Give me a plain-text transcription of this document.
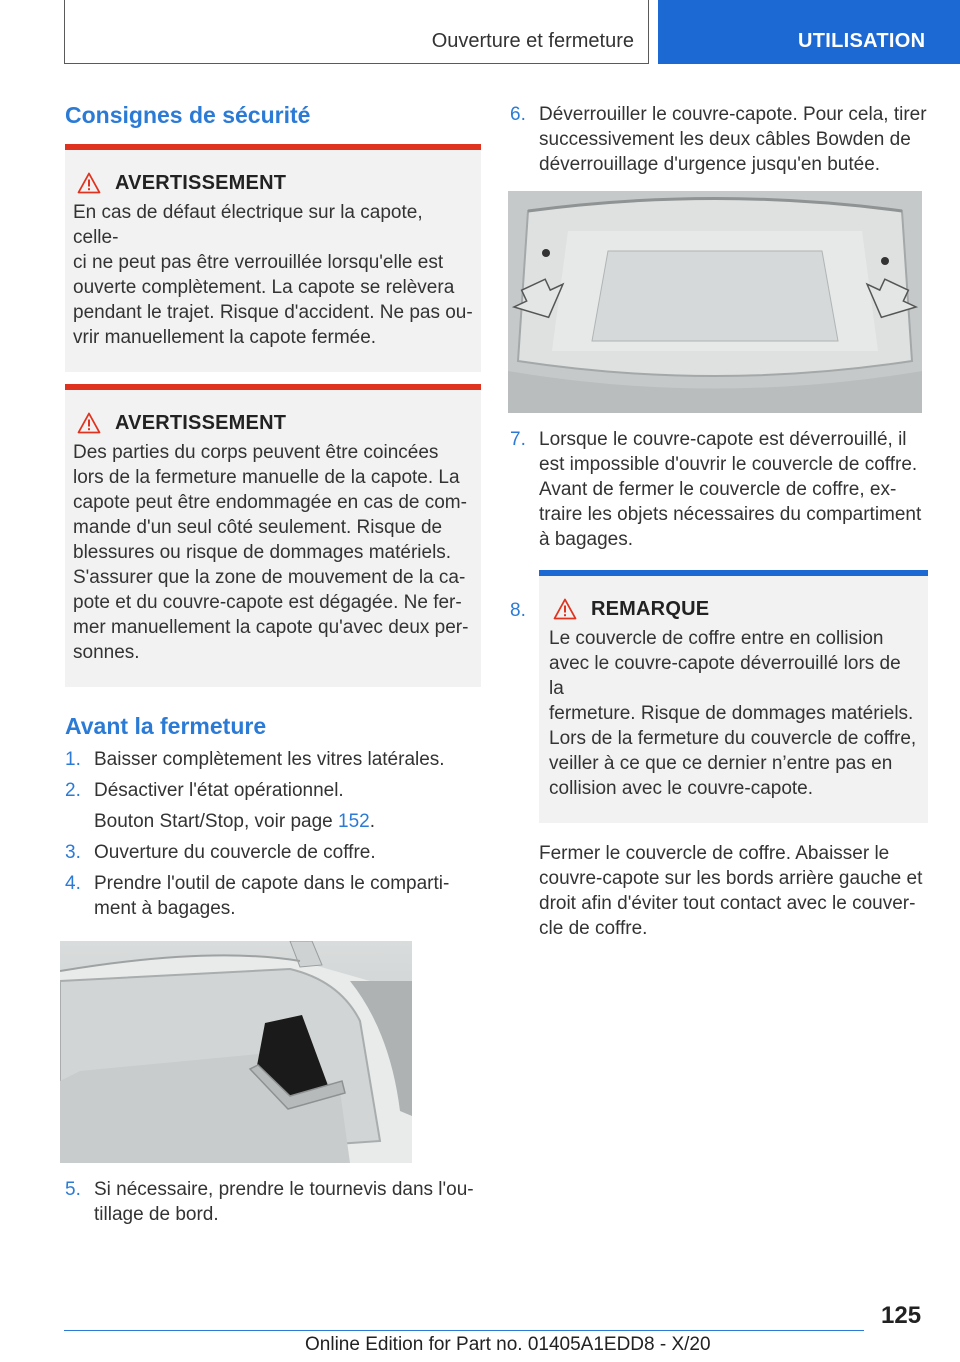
Ouverture et fermeture	UTILISATION
Consignes de sécurité
AVERTISSEMENT
En cas de défaut électrique sur la capote, celle-
ci ne peut pas être verrouillée lorsqu'elle est
ouverte complètement. La capote se relèvera
pendant le trajet. Risque d'accident. Ne pas ou-
vrir manuellement la capote fermée.
AVERTISSEMENT
Des parties du corps peuvent être coincées
lors de la fermeture manuelle de la capote. La
capote peut être endommagée en cas de com-
mande d'un seul côté seulement. Risque de
blessures ou risque de dommages matériels.
S'assurer que la zone de mouvement de la ca-
pote et du couvre-capote est dégagée. Ne fer-
mer manuellement la capote qu'avec deux per-
sonnes.
Avant la fermeture
1. Baisser complètement les vitres latérales.
2. Désactiver l'état opérationnel.
Bouton Start/Stop, voir page 152.
3. Ouverture du couvercle de coffre.
4. Prendre l'outil de capote dans le comparti-
ment à bagages.
5. Si nécessaire, prendre le tournevis dans l'ou-
tillage de bord.
6. Déverrouiller le couvre-capote. Pour cela, tirer
successivement les deux câbles Bowden de
déverrouillage d'urgence jusqu'en butée.
7. Lorsque le couvre-capote est déverrouillé, il
est impossible d'ouvrir le couvercle de coffre.
Avant de fermer le couvercle de coffre, ex-
traire les objets nécessaires du compartiment
à bagages.
8.	REMARQUE
Le couvercle de coffre entre en collision
avec le couvre-capote déverrouillé lors de la
fermeture. Risque de dommages matériels.
Lors de la fermeture du couvercle de coffre,
veiller à ce que ce dernier n’entre pas en
collision avec le couvre-capote.
Fermer le couvercle de coffre. Abaisser le
couvre-capote sur les bords arrière gauche et
droit afin d'éviter tout contact avec le couver-
cle de coffre.
125
Online Edition for Part no. 01405A1EDD8 - X/20
